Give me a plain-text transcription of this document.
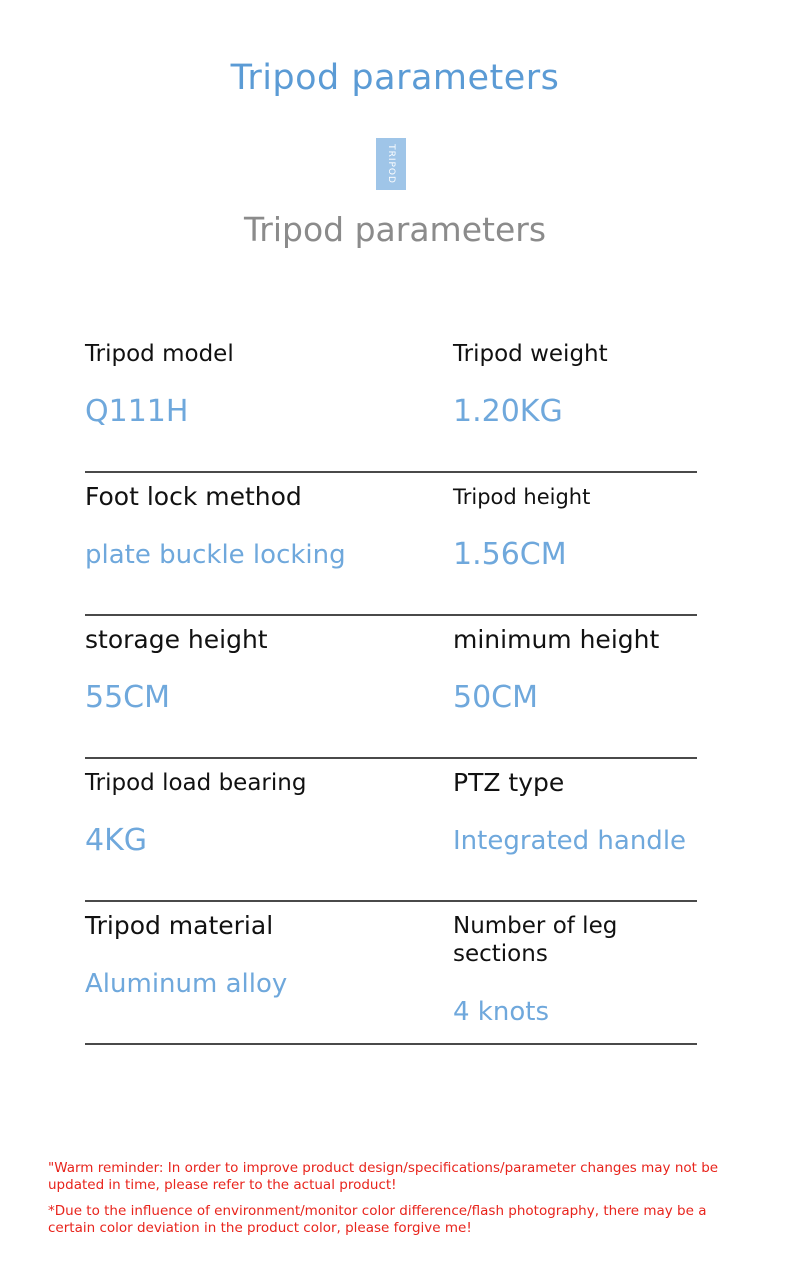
Tripod parameters
TRIPOD
Tripod parameters
Tripod model
Q111H
Tripod weight
1.20KG
Foot lock method
plate buckle locking
Tripod height
1.56CM
storage height
55CM
minimum height
50CM
Tripod load bearing
4KG
PTZ type
Integrated handle
Tripod material
Aluminum alloy
Number of leg sections
4 knots

"Warm reminder: In order to improve product design/specifications/parameter changes may not be updated in time, please refer to the actual product!

*Due to the influence of environment/monitor color difference/flash photography, there may be a certain color deviation in the product color, please forgive me!
